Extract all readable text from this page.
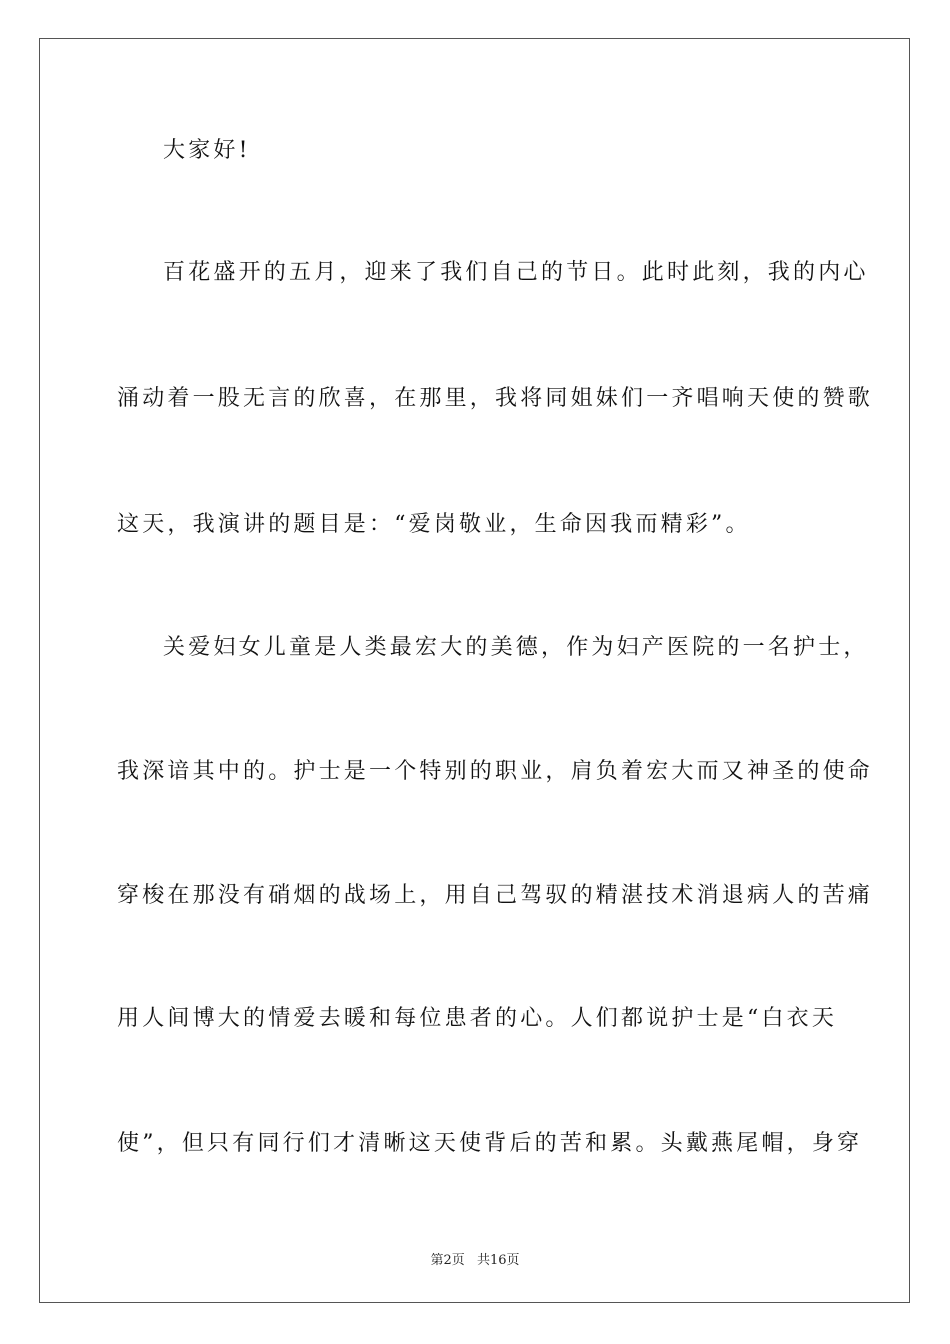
大家好!
百花盛开的五月，迎来了我们自己的节日。此时此刻，我的内心
涌动着一股无言的欣喜，在那里，我将同姐妹们一齐唱响天使的赞歌
这天，我演讲的题目是：“爱岗敬业，生命因我而精彩”。
关爱妇女儿童是人类最宏大的美德，作为妇产医院的一名护士，
我深谙其中的。护士是一个特别的职业，肩负着宏大而又神圣的使命
穿梭在那没有硝烟的战场上，用自己驾驭的精湛技术消退病人的苦痛
用人间博大的情爱去暖和每位患者的心。人们都说护士是“白衣天
使”，但只有同行们才清晰这天使背后的苦和累。头戴燕尾帽，身穿
第2页 共16页
